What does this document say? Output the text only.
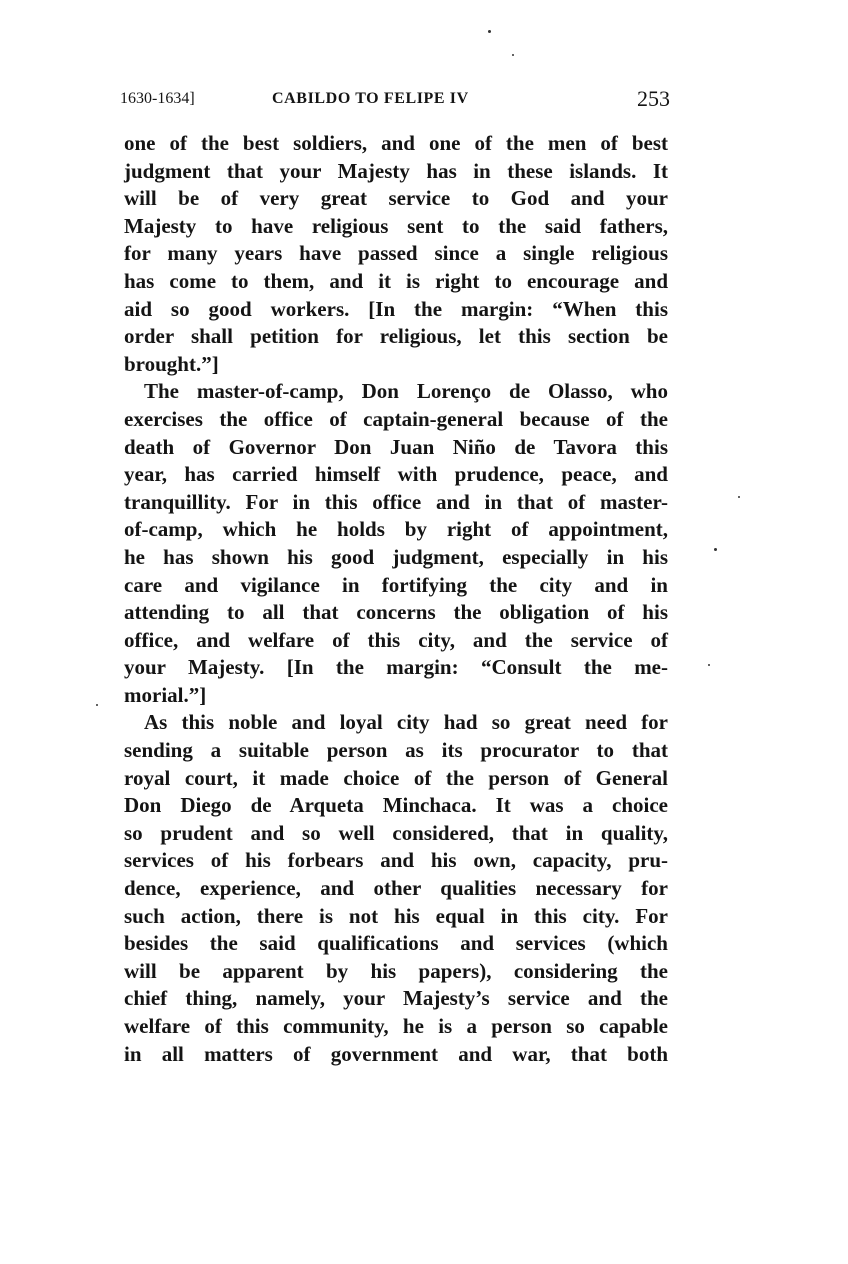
1630-1634]	CABILDO TO FELIPE IV	253
one of the best soldiers, and one of the men of best
judgment that your Majesty has in these islands. It
will be of very great service to God and your
Majesty to have religious sent to the said fathers,
for many years have passed since a single religious
has come to them, and it is right to encourage and
aid so good workers. [In the margin: “When this
order shall petition for religious, let this section be
brought.”]
The master-of-camp, Don Lorenço de Olasso, who
exercises the office of captain-general because of the
death of Governor Don Juan Niño de Tavora this
year, has carried himself with prudence, peace, and
tranquillity. For in this office and in that of master-
of-camp, which he holds by right of appointment,
he has shown his good judgment, especially in his
care and vigilance in fortifying the city and in
attending to all that concerns the obligation of his
office, and welfare of this city, and the service of
your Majesty. [In the margin: “Consult the me-
morial.”]
As this noble and loyal city had so great need for
sending a suitable person as its procurator to that
royal court, it made choice of the person of General
Don Diego de Arqueta Minchaca. It was a choice
so prudent and so well considered, that in quality,
services of his forbears and his own, capacity, pru-
dence, experience, and other qualities necessary for
such action, there is not his equal in this city. For
besides the said qualifications and services (which
will be apparent by his papers), considering the
chief thing, namely, your Majesty’s service and the
welfare of this community, he is a person so capable
in all matters of government and war, that both
